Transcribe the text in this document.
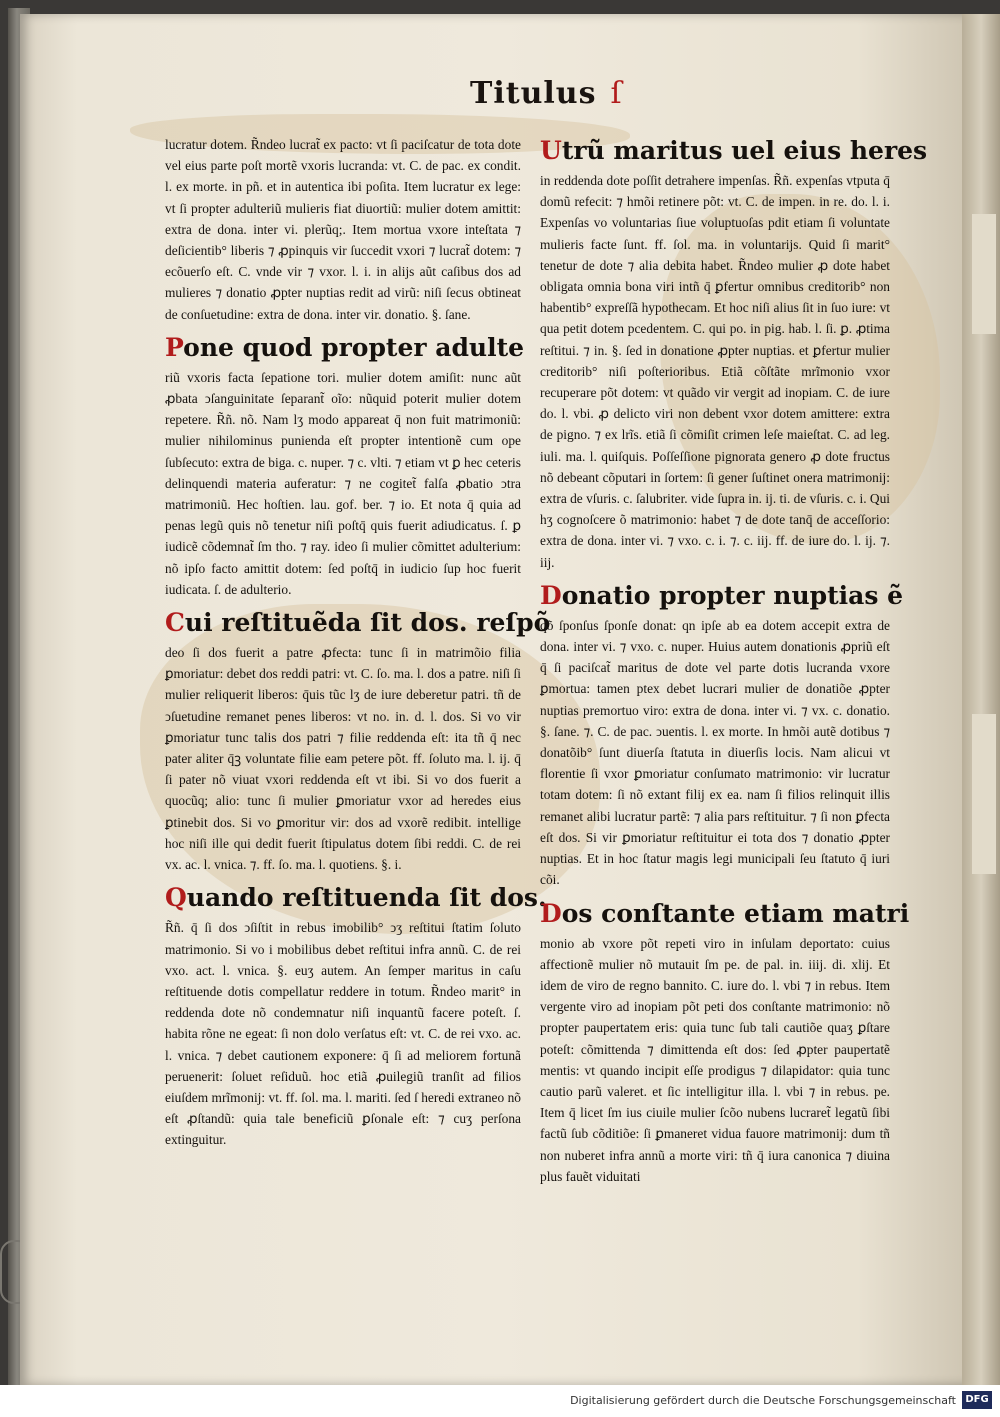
Titulus ſ

lucratur dotem. R̃ndeo lucrat̃ ex pacto: vt ſi paciſcatur de tota dote vel eius parte poſt mortẽ vxoris lucranda: vt. C. de pac. ex condit. l. ex morte. in pñ. et in autentica ibi poſita. Item lucratur ex lege: vt ſi propter adulteriũ mulieris fiat diuortiũ: mulier dotem amittit: extra de dona. inter vi. plerũq;. Item mortua vxore inteſtata ⁊ deſicientib° liberis ⁊ ꝓpinquis vir ſuccedit vxori ⁊ lucrat̃ dotem: ⁊ ecõuerſo eſt. C. vnde vir ⁊ vxor. l. i. in alijs aũt caſibus dos ad mulieres ⁊ donatio ꝓpter nuptias redit ad virũ: niſi ſecus obtineat de conſuetudine: extra de dona. inter vir. donatio. §. ſane.

Pone quod propter adulte

riũ vxoris facta ſepatione tori. mulier dotem amiſit: nunc aũt ꝓbata ↄſanguinitate ſeparant̃ oĩo: nũquid poterit mulier dotem repetere. R̃ñ. nõ. Nam lʒ modo appareat q̄ non fuit matrimoniũ: mulier nihilominus punienda eſt propter intentionẽ cum ope ſubſecuto: extra de biga. c. nuper. ⁊ c. vlti. ⁊ etiam vt ꝑ hec ceteris delinquendi materia auferatur: ⁊ ne cogitet̃ falſa ꝓbatio ↄtra matrimoniũ. Hec hoſtien. lau. gof. ber. ⁊ io. Et nota q̄ quia ad penas legũ quis nõ tenetur niſi poſtq̄ quis fuerit adiudicatus. ſ. ꝑ iudicẽ cõdemnat̃ ſm tho. ⁊ ray. ideo ſi mulier cõmittet adulterium: nõ ipſo facto amittit dotem: ſed poſtq̄ in iudicio ſup hoc fuerit iudicata. ſ. de adulterio.

Cui reſtituẽda ſit dos. reſpõ

deo ſi dos fuerit a patre ꝓfecta: tunc ſi in matrimõio filia ꝑmoriatur: debet dos reddi patri: vt. C. ſo. ma. l. dos a patre. niſi ſi mulier reliquerit liberos: q̄uis tũc lʒ de iure deberetur patri. tñ de ↄſuetudine remanet penes liberos: vt no. in. d. l. dos. Si vo vir ꝑmoriatur tunc talis dos patri ⁊ filie reddenda eſt: ita tñ q̄ nec pater aliter q̄ꝫ voluntate filie eam petere põt. ff. ſoluto ma. l. ij. q̄ ſi pater nõ viuat vxori reddenda eſt vt ibi. Si vo dos fuerit a quocũq; alio: tunc ſi mulier ꝑmoriatur vxor ad heredes eius ꝑtinebit dos. Si vo ꝑmoritur vir: dos ad vxorẽ redibit. intellige hoc niſi ille qui dedit fuerit ſtipulatus dotem ſibi reddi. C. de rei vx. ac. l. vnica. ⁊. ff. ſo. ma. l. quotiens. §. i.

Quando reſtituenda ſit dos.

R̃ñ. q̄ ſi dos ↄſiſtit in rebus imobilib° ↄʒ reſtitui ſtatim ſoluto matrimonio. Si vo i mobilibus debet reſtitui infra annũ. C. de rei vxo. act. l. vnica. §. euʒ autem. An ſemper maritus in caſu reſtituende dotis compellatur reddere in totum. R̃ndeo marit° in reddenda dote nõ condemnatur niſi inquantũ facere poteſt. ſ. habita rõne ne egeat: ſi non dolo verſatus eſt: vt. C. de rei vxo. ac. l. vnica. ⁊ debet cautionem exponere: q̄ ſi ad meliorem fortunã peruenerit: ſoluet reſiduũ. hoc etiã ꝓuilegiũ tranſit ad filios eiuſdem mrĩmonij: vt. ff. ſol. ma. l. mariti. ſed ſ heredi extraneo nõ eſt ꝓſtandũ: quia tale beneficiũ ꝑſonale eſt: ⁊ cuʒ perſona extinguitur.

Utrũ maritus uel eius heres

in reddenda dote poſſit detrahere impenſas. R̃ñ. expenſas vtputa q̄ domũ refecit: ⁊ hmõi retinere põt: vt. C. de impen. in re. do. l. i. Expenſas vo voluntarias ſiue voluptuoſas pdit etiam ſi voluntate mulieris facte ſunt. ff. ſol. ma. in voluntarijs. Quid ſi marit° tenetur de dote ⁊ alia debita habet. R̃ndeo mulier ꝓ dote habet obligata omnia bona viri intñ q̄ ꝑfertur omnibus creditorib° non habentib° expreſſã hypothecam. Et hoc niſi alius ſit in ſuo iure: vt qua petit dotem pcedentem. C. qui po. in pig. hab. l. ſi. ꝑ. ꝓtima reſtitui. ⁊ in. §. ſed in donatione ꝓpter nuptias. et ꝑfertur mulier creditorib° niſi poſterioribus. Etiã cõſtãte mrĩmonio vxor recuperare põt dotem: vt quãdo vir vergit ad inopiam. C. de iure do. l. vbi. ꝓ delicto viri non debent vxor dotem amittere: extra de pigno. ⁊ ex lrĩs. etiã ſi cõmiſit crimen leſe maieſtat. C. ad leg. iuli. ma. l. quiſquis. Poſſeſſione pignorata genero ꝓ dote fructus nõ debeant cõputari in ſortem: ſi gener ſuſtinet onera matrimonij: extra de vſuris. c. ſalubriter. vide ſupra in. ij. ti. de vſuris. c. i. Qui hʒ cognoſcere õ matrimonio: habet ⁊ de dote tanq̄ de acceſſorio: extra de dona. inter vi. ⁊ vxo. c. i. ⁊. c. iij. ff. de iure do. l. ij. ⁊. iij.

Donatio propter nuptias ẽ

qõ ſponſus ſponſe donat: qn ipſe ab ea dotem accepit extra de dona. inter vi. ⁊ vxo. c. nuper. Huius autem donationis ꝓpriũ eſt q̄ ſi paciſcat̃ maritus de dote vel parte dotis lucranda vxore ꝑmortua: tamen ptex debet lucrari mulier de donatiõe ꝓpter nuptias premortuo viro: extra de dona. inter vi. ⁊ vx. c. donatio. §. ſane. ⁊. C. de pac. ↄuentis. l. ex morte. In hmõi autẽ dotibus ⁊ donatõib° ſunt diuerſa ſtatuta in diuerſis locis. Nam alicui vt florentie ſi vxor ꝑmoriatur conſumato matrimonio: vir lucratur totam dotem: ſi nõ extant filij ex ea. nam ſi filios relinquit illis remanet alibi lucratur partẽ: ⁊ alia pars reſtituitur. ⁊ ſi non ꝑfecta eſt dos. Si vir ꝑmoriatur reſtituitur ei tota dos ⁊ donatio ꝓpter nuptias. Et in hoc ſtatur magis legi municipali ſeu ſtatuto q̄ iuri cõi.

Dos conſtante etiam matri

monio ab vxore põt repeti viro in inſulam deportato: cuius affectionẽ mulier nõ mutauit ſm pe. de pal. in. iiij. di. xlij. Et idem de viro de regno bannito. C. iure do. l. vbi ⁊ in rebus. Item vergente viro ad inopiam põt peti dos conſtante matrimonio: nõ propter paupertatem eris: quia tunc ſub tali cautiõe quaʒ ꝑſtare poteſt: cõmittenda ⁊ dimittenda eſt dos: ſed ꝓpter paupertatẽ mentis: vt quando incipit eſſe prodigus ⁊ dilapidator: quia tunc cautio parũ valeret. et ſic intelligitur illa. l. vbi ⁊ in rebus. pe. Item q̄ licet ſm ius ciuile mulier ſcõo nubens lucraret̃ legatũ ſibi factũ ſub cõditiõe: ſi ꝑmaneret vidua fauore matrimonij: dum tñ non nuberet infra annũ a morte viri: tñ q̄ iura canonica ⁊ diuina plus fauẽt viduitati

Digitalisierung gefördert durch die Deutsche Forschungsgemeinschaft DFG
